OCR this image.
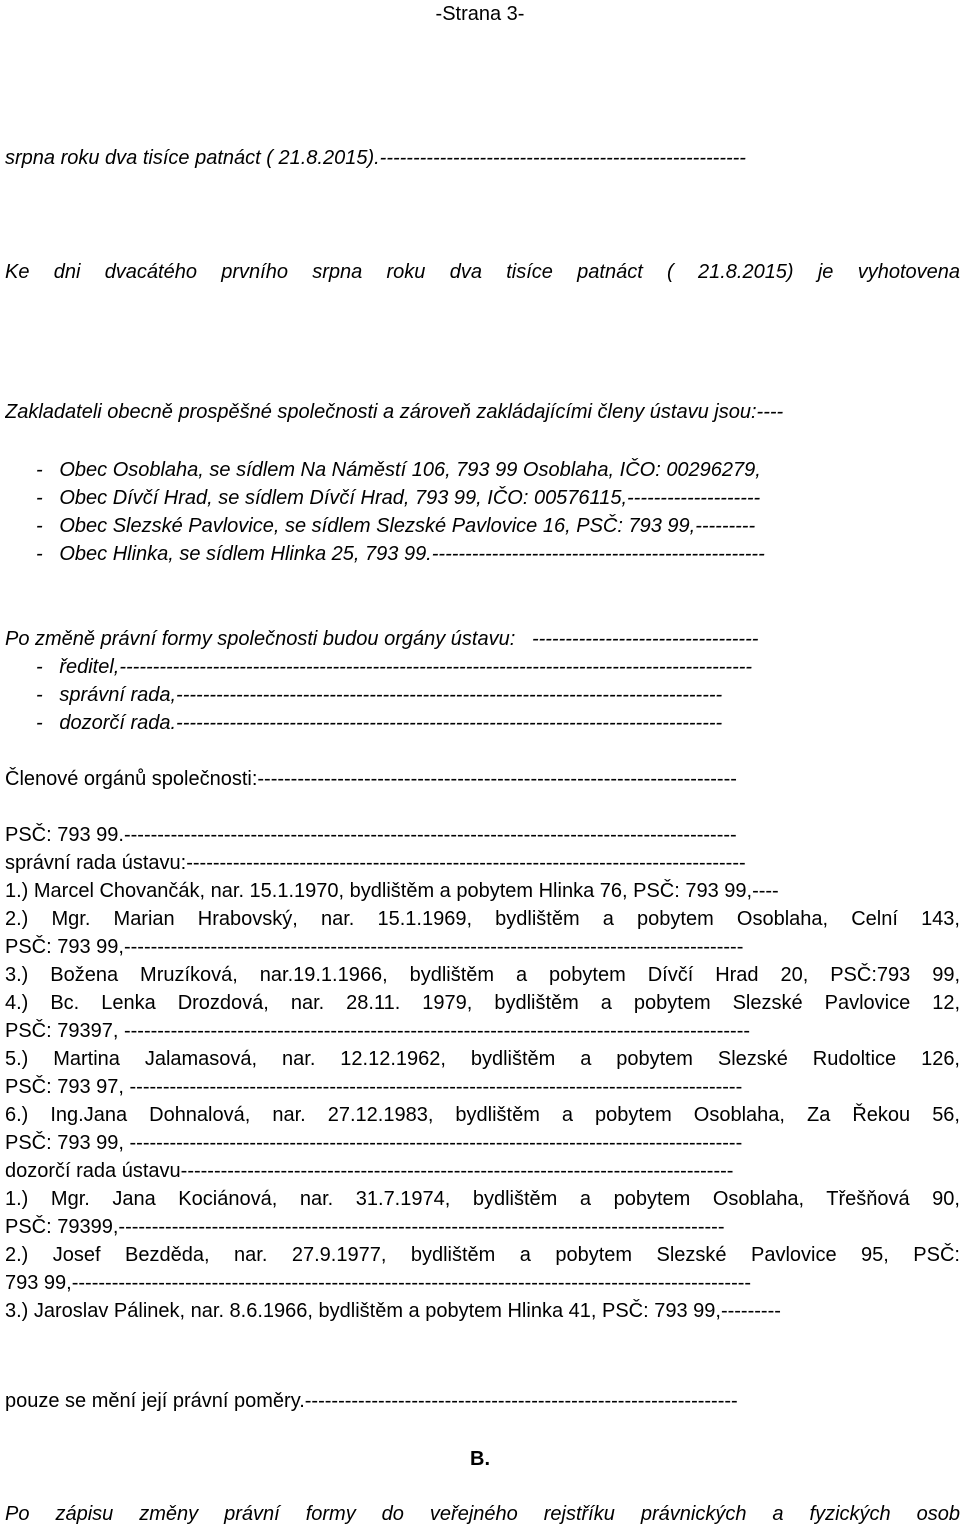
-Strana 3-
srpna roku dva tisíce patnáct ( 21.8.2015).-------------------------------------------------------

Ke dni dvacátého prvního srpna roku dva tisíce patnáct ( 21.8.2015) je vyhotovena

Zakladateli obecně prospěšné společnosti a zároveň zakládajícími členy ústavu jsou:----
-   Obec Osoblaha, se sídlem Na Náměstí 106, 793 99 Osoblaha, IČO: 00296279,
-   Obec Dívčí Hrad, se sídlem Dívčí Hrad, 793 99, IČO: 00576115,--------------------
-   Obec Slezské Pavlovice, se sídlem Slezské Pavlovice 16, PSČ: 793 99,---------
-   Obec Hlinka, se sídlem Hlinka 25, 793 99.--------------------------------------------------

Po změně právní formy společnosti budou orgány ústavu:   ----------------------------------
-   ředitel,-----------------------------------------------------------------------------------------------
-   správní rada,----------------------------------------------------------------------------------
-   dozorčí rada.----------------------------------------------------------------------------------
Členové orgánů společnosti:------------------------------------------------------------------------

PSČ: 793 99.--------------------------------------------------------------------------------------------
správní rada ústavu:------------------------------------------------------------------------------------
1.) Marcel Chovančák, nar. 15.1.1970, bydlištěm a pobytem Hlinka 76, PSČ: 793 99,----
2.) Mgr. Marian Hrabovský, nar. 15.1.1969, bydlištěm a pobytem Osoblaha, Celní 143,
PSČ: 793 99,---------------------------------------------------------------------------------------------
3.) Božena Mruzíková, nar.19.1.1966, bydlištěm a pobytem Dívčí Hrad 20, PSČ:793 99,
4.) Bc. Lenka Drozdová, nar. 28.11. 1979, bydlištěm a pobytem Slezské Pavlovice 12,
PSČ: 79397, ----------------------------------------------------------------------------------------------
5.) Martina Jalamasová, nar. 12.12.1962, bydlištěm a pobytem Slezské Rudoltice 126,
PSČ: 793 97, --------------------------------------------------------------------------------------------
6.) Ing.Jana Dohnalová, nar. 27.12.1983, bydlištěm a pobytem Osoblaha, Za Řekou 56,
PSČ: 793 99, --------------------------------------------------------------------------------------------
dozorčí rada ústavu-----------------------------------------------------------------------------------
1.) Mgr. Jana Kociánová, nar. 31.7.1974, bydlištěm a pobytem Osoblaha, Třešňová 90,
PSČ: 79399,-------------------------------------------------------------------------------------------
2.) Josef Bezděda, nar. 27.9.1977, bydlištěm a pobytem Slezské Pavlovice 95, PSČ:
793 99,------------------------------------------------------------------------------------------------------
3.) Jaroslav Pálinek, nar. 8.6.1966, bydlištěm a pobytem Hlinka 41, PSČ: 793 99,---------

pouze se mění její právní poměry.-----------------------------------------------------------------
B.
Po zápisu změny právní formy do veřejného rejstříku právnických a fyzických osob
